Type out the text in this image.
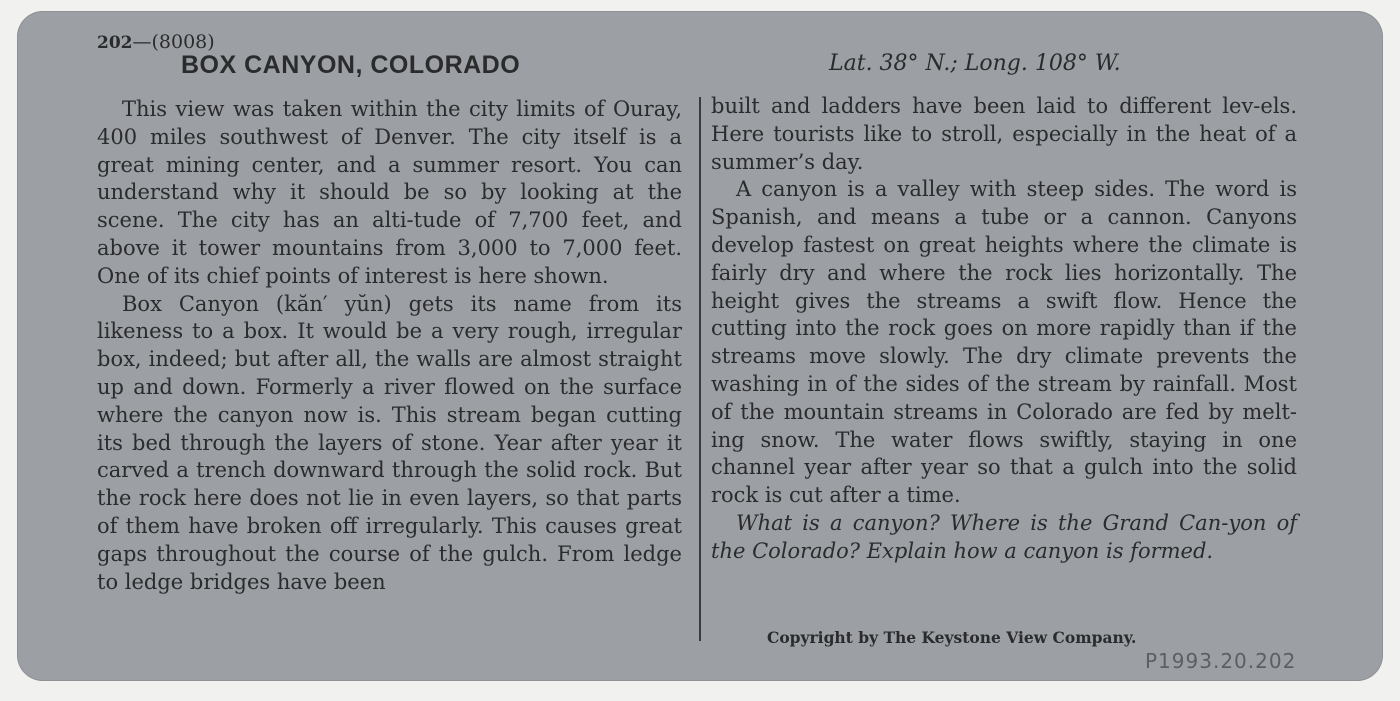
202—(8008)
BOX CANYON, COLORADO	Lat. 38° N.; Long. 108° W.

This view was taken within the city limits of Ouray, 400 miles southwest of Denver. The city itself is a great mining center, and a summer resort. You can understand why it should be so by looking at the scene. The city has an alti-tude of 7,700 feet, and above it tower mountains from 3,000 to 7,000 feet. One of its chief points of interest is here shown.

Box Canyon (kăn′ yŭn) gets its name from its likeness to a box. It would be a very rough, irregular box, indeed; but after all, the walls are almost straight up and down. Formerly a river flowed on the surface where the canyon now is. This stream began cutting its bed through the layers of stone. Year after year it carved a trench downward through the solid rock. But the rock here does not lie in even layers, so that parts of them have broken off irregularly. This causes great gaps throughout the course of the gulch. From ledge to ledge bridges have been

built and ladders have been laid to different lev-els. Here tourists like to stroll, especially in the heat of a summer’s day.

A canyon is a valley with steep sides. The word is Spanish, and means a tube or a cannon. Canyons develop fastest on great heights where the climate is fairly dry and where the rock lies horizontally. The height gives the streams a swift flow. Hence the cutting into the rock goes on more rapidly than if the streams move slowly. The dry climate prevents the washing in of the sides of the stream by rainfall. Most of the mountain streams in Colorado are fed by melt-ing snow. The water flows swiftly, staying in one channel year after year so that a gulch into the solid rock is cut after a time.

What is a canyon? Where is the Grand Can-yon of the Colorado? Explain how a canyon is formed.

Copyright by The Keystone View Company.
P1993.20.202
